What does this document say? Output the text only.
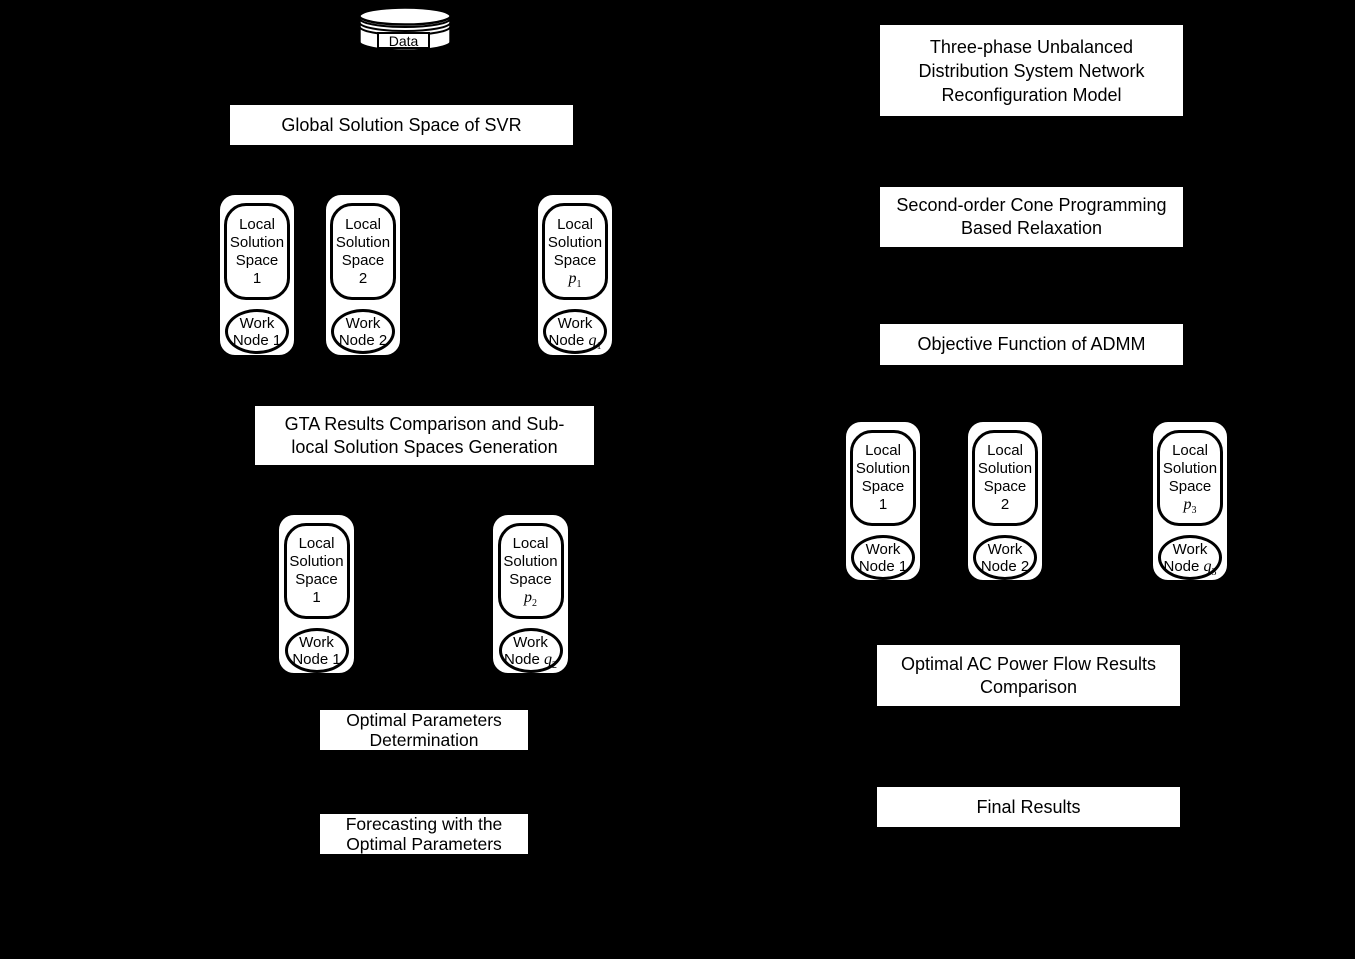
Data
Global Solution Space of SVR
Local
Solution
Space
1
Work
Node 1
Local
Solution
Space
2
Work
Node 2
Local
Solution
Space
$p_1$
Work
Node $q_1$
GTA Results Comparison and Sub-
local Solution Spaces Generation
Local
Solution
Space
1
Work
Node 1
Local
Solution
Space
$p_2$
Work
Node $q_2$
Optimal Parameters
Determination
Forecasting with the
Optimal Parameters
Three-phase Unbalanced
Distribution System Network
Reconfiguration Model
Second-order Cone Programming
Based Relaxation
Objective Function of ADMM
Local
Solution
Space
1
Work
Node 1
Local
Solution
Space
2
Work
Node 2
Local
Solution
Space
$p_3$
Work
Node $q_3$
Optimal AC Power Flow Results
Comparison
Final Results
